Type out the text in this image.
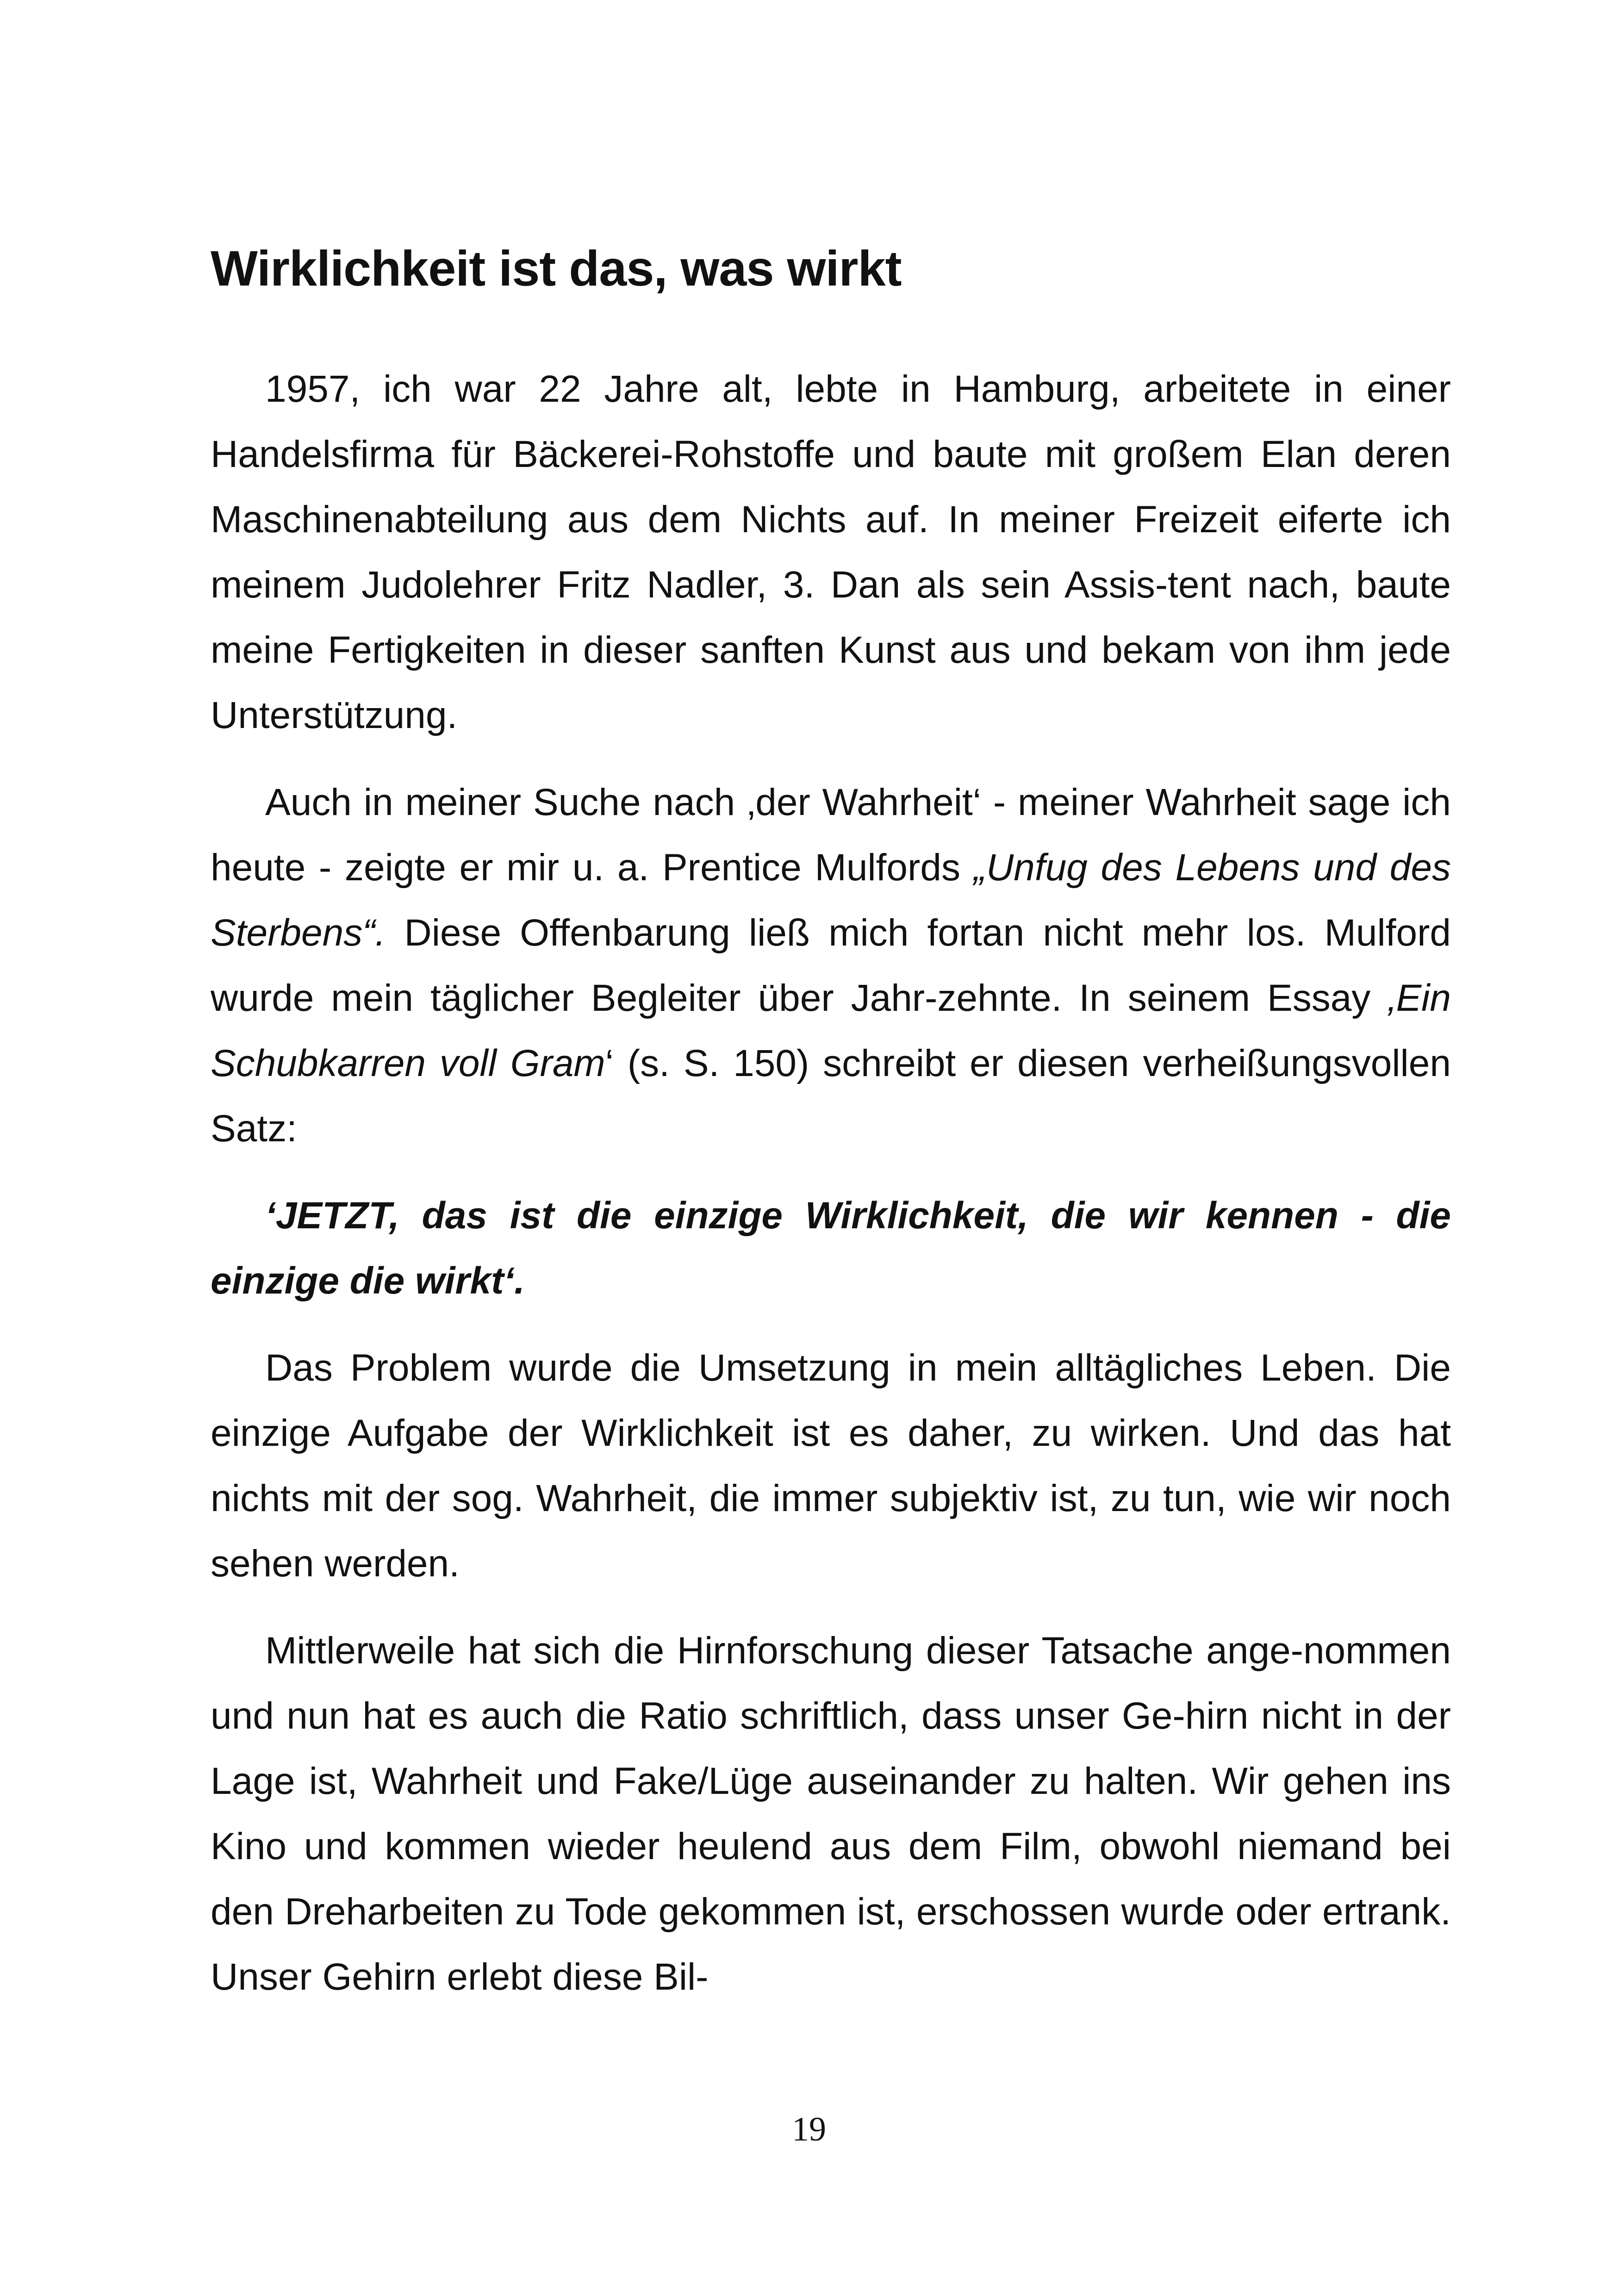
Wirklichkeit ist das, was wirkt

1957, ich war 22 Jahre alt, lebte in Hamburg, arbeitete in einer Handelsfirma für Bäckerei-Rohstoffe und baute mit großem Elan deren Maschinenabteilung aus dem Nichts auf. In meiner Freizeit eiferte ich meinem Judolehrer Fritz Nadler, 3. Dan als sein Assis-tent nach, baute meine Fertigkeiten in dieser sanften Kunst aus und bekam von ihm jede Unterstützung.

Auch in meiner Suche nach ‚der Wahrheit‘ - meiner Wahrheit sage ich heute - zeigte er mir u. a. Prentice Mulfords „Unfug des Lebens und des Sterbens“. Diese Offenbarung ließ mich fortan nicht mehr los. Mulford wurde mein täglicher Begleiter über Jahr-zehnte. In seinem Essay ‚Ein Schubkarren voll Gram‘ (s. S. 150) schreibt er diesen verheißungsvollen Satz:

‘JETZT, das ist die einzige Wirklichkeit, die wir kennen - die einzige die wirkt‘.

Das Problem wurde die Umsetzung in mein alltägliches Leben. Die einzige Aufgabe der Wirklichkeit ist es daher, zu wirken. Und das hat nichts mit der sog. Wahrheit, die immer subjektiv ist, zu tun, wie wir noch sehen werden.

Mittlerweile hat sich die Hirnforschung dieser Tatsache ange-nommen und nun hat es auch die Ratio schriftlich, dass unser Ge-hirn nicht in der Lage ist, Wahrheit und Fake/Lüge auseinander zu halten. Wir gehen ins Kino und kommen wieder heulend aus dem Film, obwohl niemand bei den Dreharbeiten zu Tode gekommen ist, erschossen wurde oder ertrank. Unser Gehirn erlebt diese Bil-

19
